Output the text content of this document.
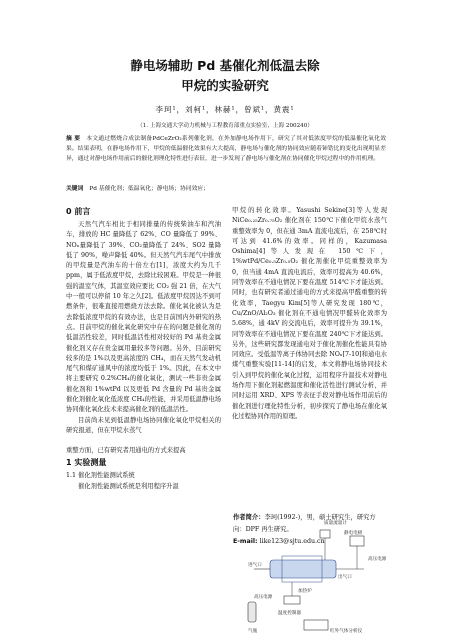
静电场辅助 Pd 基催化剂低温去除
甲烷的实验研究
李珂¹，刘柯¹，林赫¹，曾斌¹，黄震¹
（1. 上海交通大学动力机械与工程教育部重点实验室，上海 200240）
摘 要 本文通过燃烧合成法制备PdCeZrO₂系列催化剂，在外加静电场作用下，研究了其对低浓度甲烷的低温催化氧化效果。结果表明，在静电场作用下，甲烷的低温催化效果有大大提高，静电场与催化剂的协同效应随着铈锆比的变化出现明显差异，通过对静电场作用前后的催化剂理化特性进行表征，进一步发现了静电场与催化剂在协同催化甲烷过程中的作用机理。
关键词 Pd 基催化剂；低温氧化；静电场；协同效应；
0 前言

天然气汽车相比于相同排量的传统柴油车和汽油车，排放的 HC 量降低了 62%、CO 量降低了 99%、NOₓ量降低了 39%、CO₂量降低了 24%、SO2 量降低了 90%，噪声降低 40%。但天然气汽车尾气中排放的甲烷量是汽油车的十倍左右[1]，浓度大约为几千ppm，属于低浓度甲烷，去除比较困难。甲烷是一种很强的温室气体，其温室效应要比 CO₂ 强 21 倍，在大气中一般可以停留 10 年之久[2]。低浓度甲烷因达不到可燃条件，很难直接用燃烧方法去除。催化氧化被认为是去除低浓度甲烷的有效办法，也是目前国内外研究的热点。目前甲烷的催化氧化研究中存在的问题是催化剂的低温活性较差，同时低温活性相对较好的 Pd 基贵金属催化剂又存在贵金属用量较多等问题。另外，目前研究较多的是 1%以及更高浓度的 CH₄，而在天然气发动机尾气和煤矿通风中的浓度均低于 1%。因此，在本文中将主要研究 0.2%CH₄的催化氧化，测试一些非贵金属催化剂和 1%wtPd 以及更低 Pd 含量的 Pd 基贵金属催化剂催化氧化低浓度 CH₄的性能，并采用低温静电场协同催化氧化技术来提高催化剂的低温活性。

目前尚未见到低温静电场协同催化氧化甲烷相关的研究报道，但在甲烷水蒸气

重整方面，已有研究者用通电的方式来提高

1 实验测量
1.1 催化剂性能测试系统

催化剂性能测试系统是利用程序升温

甲烷的转化效率。Yasushi Sekine[3]等人发现 NiCe₀.₂₅Zr₀.₇₅O₂ 催化剂在 150℃下催化甲烷水蒸气重整效率为 0，但在通 3mA 直流电流后，在 258℃时可达到 41.6%的效率。同样的，Kazumasa Oshima[4]等人发现在 150℃下，1%wtPd/Ce₀.₅Zr₀.₅O₂ 催化剂催化甲烷重整效率为 0，但当通 4mA 直流电流后，效率可提高为 40.6%，同等效率在不通电情况下要在温度 514℃下才能达到。同时，也有研究者通过通电的方式来提高甲醛重整的转化效率，Taegyu Kim[5]等人研究发现 180℃，Cu/ZnO/Al₂O₃ 催化剂在不通电情况甲醛转化效率为 5.68%，通 4kV 的交流电后，效率可提升为 39.1%，同等效率在不通电情况下要在温度 240℃下才能达到。另外，这些研究都发现通电对于催化剂催化性能具有协同效应。受低温等离子体协同去除 NOₓ[7-10]和通电水煤气重整实验[11-14]的启发，本文将静电场协同技术引入到甲烷的催化氧化过程，运用程序升温技术对静电场作用下催化剂起燃温度和催化活性进行测试分析，并同时运用 XRD、XPS 等表征手段对静电场作用前后的催化剂进行理化特性分析，初步探究了静电场在催化氧化过程协同作用的原理。

质量流量计
静电电极
高压电源
进气口
出气口
加热炉
高压电源
温度控制器
气瓶	红外气体分析仪
作者简介：李珂(1992-)，男，硕士研究生，研究方向：DPF 再生研究。
E-mail: like123@sjtu.edu.cn
